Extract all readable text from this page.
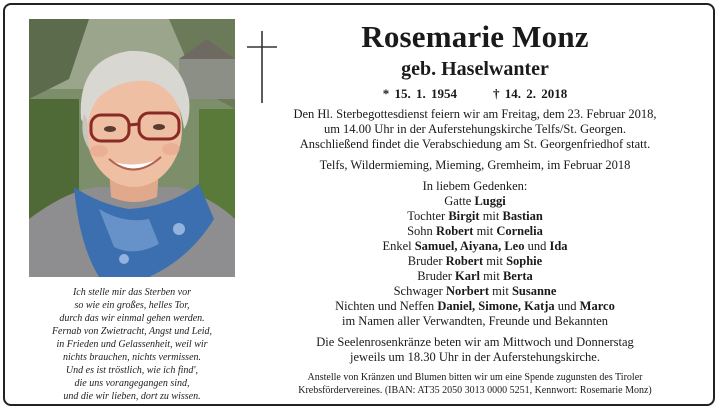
Ich stelle mir das Sterben vor
so wie ein großes, helles Tor,
durch das wir einmal gehen werden.
Fernab von Zwietracht, Angst und Leid,
in Frieden und Gelassenheit, weil wir
nichts brauchen, nichts vermissen.
Und es ist tröstlich, wie ich find',
die uns vorangegangen sind,
und die wir lieben, dort zu wissen.
Rosemarie Monz
geb. Haselwanter
* 15. 1. 1954	† 14. 2. 2018
Den Hl. Sterbegottesdienst feiern wir am Freitag, dem 23. Februar 2018,
um 14.00 Uhr in der Auferstehungskirche Telfs/St. Georgen.
Anschließend findet die Verabschiedung am St. Georgenfriedhof statt.
Telfs, Wildermieming, Mieming, Gremheim, im Februar 2018
In liebem Gedenken:
Gatte Luggi
Tochter Birgit mit Bastian
Sohn Robert mit Cornelia
Enkel Samuel, Aiyana, Leo und Ida
Bruder Robert mit Sophie
Bruder Karl mit Berta
Schwager Norbert mit Susanne
Nichten und Neffen Daniel, Simone, Katja und Marco
im Namen aller Verwandten, Freunde und Bekannten
Die Seelenrosenkränze beten wir am Mittwoch und Donnerstag
jeweils um 18.30 Uhr in der Auferstehungskirche.
Anstelle von Kränzen und Blumen bitten wir um eine Spende zugunsten des Tiroler
Krebsfördervereines. (IBAN: AT35 2050 3013 0000 5251, Kennwort: Rosemarie Monz)
